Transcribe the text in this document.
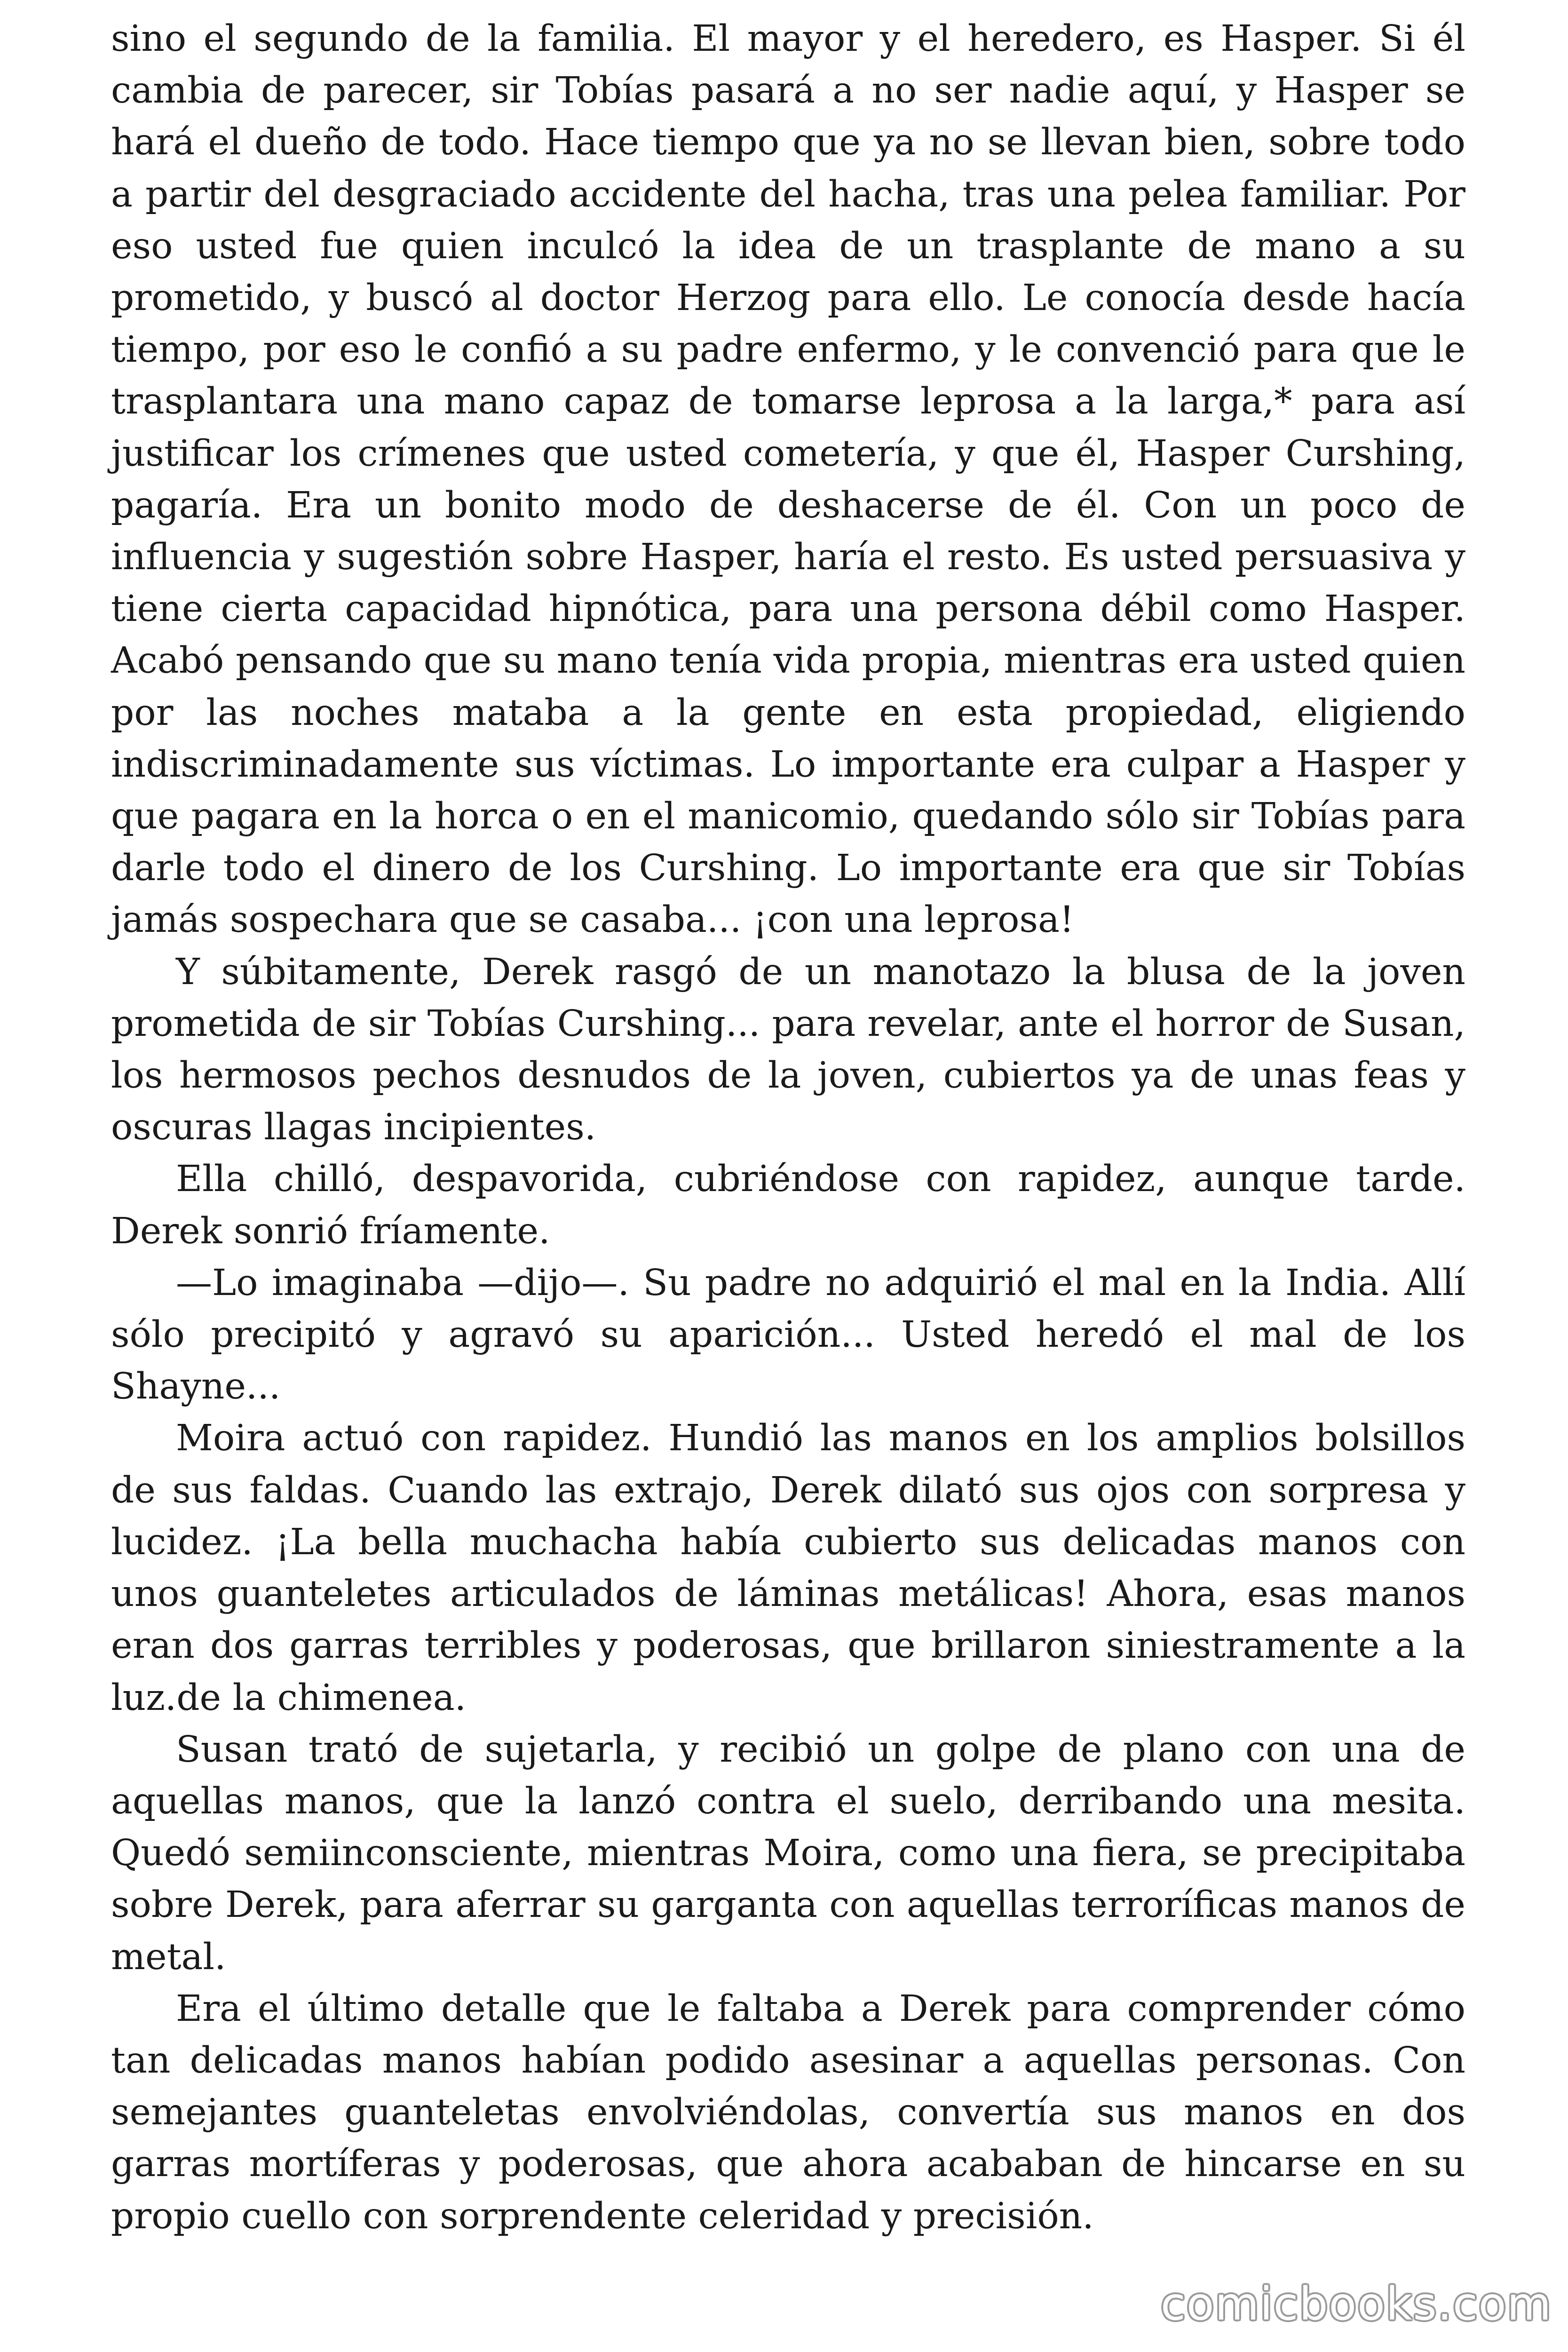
sino el segundo de la familia. El mayor y el heredero, es Hasper. Si él cambia de parecer, sir Tobías pasará a no ser nadie aquí, y Hasper se hará el dueño de todo. Hace tiempo que ya no se llevan bien, sobre todo a partir del desgraciado accidente del hacha, tras una pelea familiar. Por eso usted fue quien inculcó la idea de un trasplante de mano a su prometido, y buscó al doctor Herzog para ello. Le conocía desde hacía tiempo, por eso le confió a su padre enfermo, y le convenció para que le trasplantara una mano capaz de tomarse leprosa a la larga,* para así justificar los crímenes que usted cometería, y que él, Hasper Curshing, pagaría. Era un bonito modo de deshacerse de él. Con un poco de influencia y sugestión sobre Hasper, haría el resto. Es usted persuasiva y tiene cierta capacidad hipnótica, para una persona débil como Hasper. Acabó pensando que su mano tenía vida propia, mientras era usted quien por las noches mataba a la gente en esta propiedad, eligiendo indiscriminadamente sus víctimas. Lo importante era culpar a Hasper y que pagara en la horca o en el manicomio, quedando sólo sir Tobías para darle todo el dinero de los Curshing. Lo importante era que sir Tobías jamás sospechara que se casaba... ¡con una leprosa!

Y súbitamente, Derek rasgó de un manotazo la blusa de la joven prometida de sir Tobías Curshing... para revelar, ante el horror de Susan, los hermosos pechos desnudos de la joven, cubiertos ya de unas feas y oscuras llagas incipientes.

Ella chilló, despavorida, cubriéndose con rapidez, aunque tarde. Derek sonrió fríamente.

—Lo imaginaba —dijo—. Su padre no adquirió el mal en la India. Allí sólo precipitó y agravó su aparición... Usted heredó el mal de los Shayne...

Moira actuó con rapidez. Hundió las manos en los amplios bolsillos de sus faldas. Cuando las extrajo, Derek dilató sus ojos con sorpresa y lucidez. ¡La bella muchacha había cubierto sus delicadas manos con unos guanteletes articulados de láminas metálicas! Ahora, esas manos eran dos garras terribles y poderosas, que brillaron siniestramente a la luz.de la chimenea.

Susan trató de sujetarla, y recibió un golpe de plano con una de aquellas manos, que la lanzó contra el suelo, derribando una mesita. Quedó semiinconsciente, mientras Moira, como una fiera, se precipitaba sobre Derek, para aferrar su garganta con aquellas terroríficas manos de metal.

Era el último detalle que le faltaba a Derek para comprender cómo tan delicadas manos habían podido asesinar a aquellas personas. Con semejantes guanteletas envolviéndolas, convertía sus manos en dos garras mortíferas y poderosas, que ahora acababan de hincarse en su propio cuello con sorprendente celeridad y precisión.

comicbooks.com
